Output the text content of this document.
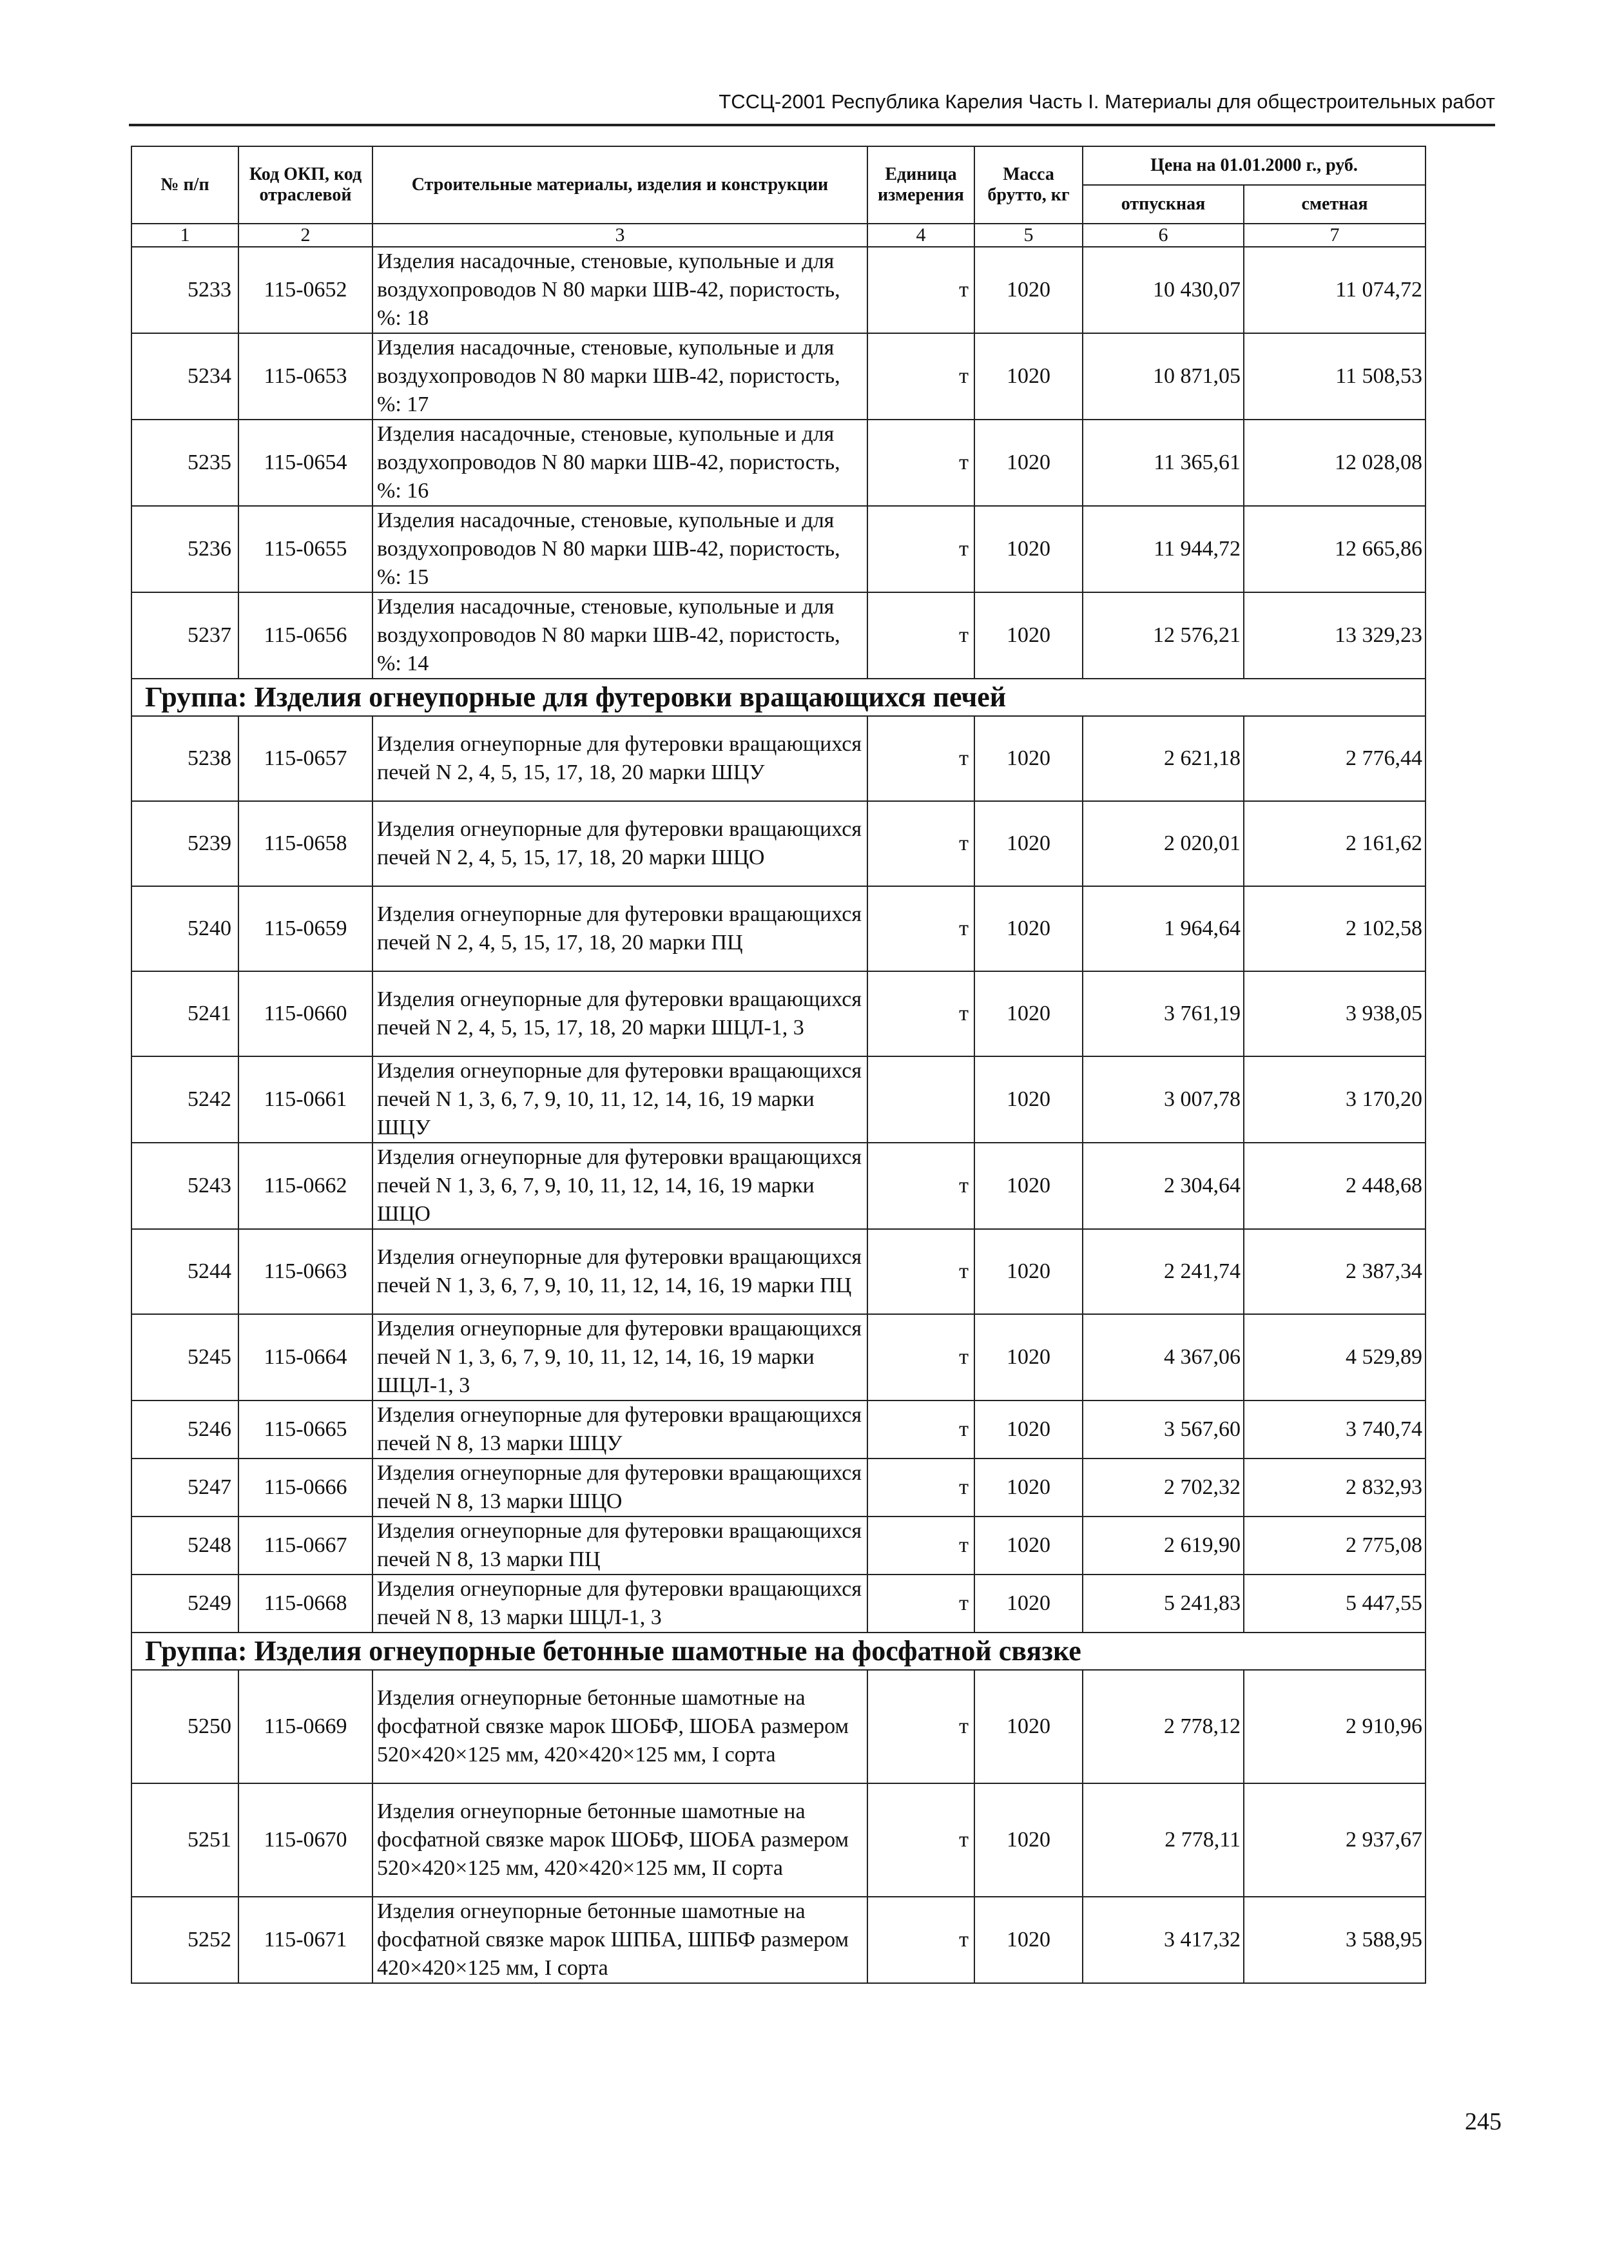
ТССЦ-2001 Республика Карелия Часть I. Материалы для общестроительных работ
№ п/п	Код ОКП, код отраслевой	Строительные материалы, изделия и конструкции	Единица измерения	Масса брутто, кг	Цена на 01.01.2000 г., руб.	
					отпускная	сметная
1	2	3	4	5	6	7
5233	115-0652	Изделия насадочные, стеновые, купольные и для воздухопроводов N 80 марки ШВ-42, пористость, %: 18	т	1020	10 430,07	11 074,72
5234	115-0653	Изделия насадочные, стеновые, купольные и для воздухопроводов N 80 марки ШВ-42, пористость, %: 17	т	1020	10 871,05	11 508,53
5235	115-0654	Изделия насадочные, стеновые, купольные и для воздухопроводов N 80 марки ШВ-42, пористость, %: 16	т	1020	11 365,61	12 028,08
5236	115-0655	Изделия насадочные, стеновые, купольные и для воздухопроводов N 80 марки ШВ-42, пористость, %: 15	т	1020	11 944,72	12 665,86
5237	115-0656	Изделия насадочные, стеновые, купольные и для воздухопроводов N 80 марки ШВ-42, пористость, %: 14	т	1020	12 576,21	13 329,23
Группа: Изделия огнеупорные для футеровки вращающихся печей						
5238	115-0657	Изделия огнеупорные для футеровки вращающихся печей N 2, 4, 5, 15, 17, 18, 20 марки ШЦУ	т	1020	2 621,18	2 776,44
5239	115-0658	Изделия огнеупорные для футеровки вращающихся печей N 2, 4, 5, 15, 17, 18, 20 марки ШЦО	т	1020	2 020,01	2 161,62
5240	115-0659	Изделия огнеупорные для футеровки вращающихся печей N 2, 4, 5, 15, 17, 18, 20 марки ПЦ	т	1020	1 964,64	2 102,58
5241	115-0660	Изделия огнеупорные для футеровки вращающихся печей N 2, 4, 5, 15, 17, 18, 20 марки ШЦЛ-1, 3	т	1020	3 761,19	3 938,05
5242	115-0661	Изделия огнеупорные для футеровки вращающихся печей N 1, 3, 6, 7, 9, 10, 11, 12, 14, 16, 19 марки ШЦУ		1020	3 007,78	3 170,20
5243	115-0662	Изделия огнеупорные для футеровки вращающихся печей N 1, 3, 6, 7, 9, 10, 11, 12, 14, 16, 19 марки ШЦО	т	1020	2 304,64	2 448,68
5244	115-0663	Изделия огнеупорные для футеровки вращающихся печей N 1, 3, 6, 7, 9, 10, 11, 12, 14, 16, 19 марки ПЦ	т	1020	2 241,74	2 387,34
5245	115-0664	Изделия огнеупорные для футеровки вращающихся печей N 1, 3, 6, 7, 9, 10, 11, 12, 14, 16, 19 марки ШЦЛ-1, 3	т	1020	4 367,06	4 529,89
5246	115-0665	Изделия огнеупорные для футеровки вращающихся печей N 8, 13 марки ШЦУ	т	1020	3 567,60	3 740,74
5247	115-0666	Изделия огнеупорные для футеровки вращающихся печей N 8, 13 марки ШЦО	т	1020	2 702,32	2 832,93
5248	115-0667	Изделия огнеупорные для футеровки вращающихся печей N 8, 13 марки ПЦ	т	1020	2 619,90	2 775,08
5249	115-0668	Изделия огнеупорные для футеровки вращающихся печей N 8, 13 марки ШЦЛ-1, 3	т	1020	5 241,83	5 447,55
Группа: Изделия огнеупорные бетонные шамотные на фосфатной связке						
5250	115-0669	Изделия огнеупорные бетонные шамотные на фосфатной связке марок ШОБФ, ШОБА размером 520×420×125 мм, 420×420×125 мм, I сорта	т	1020	2 778,12	2 910,96
5251	115-0670	Изделия огнеупорные бетонные шамотные на фосфатной связке марок ШОБФ, ШОБА размером 520×420×125 мм, 420×420×125 мм, II сорта	т	1020	2 778,11	2 937,67
5252	115-0671	Изделия огнеупорные бетонные шамотные на фосфатной связке марок ШПБА, ШПБФ размером 420×420×125 мм, I сорта	т	1020	3 417,32	3 588,95
245
